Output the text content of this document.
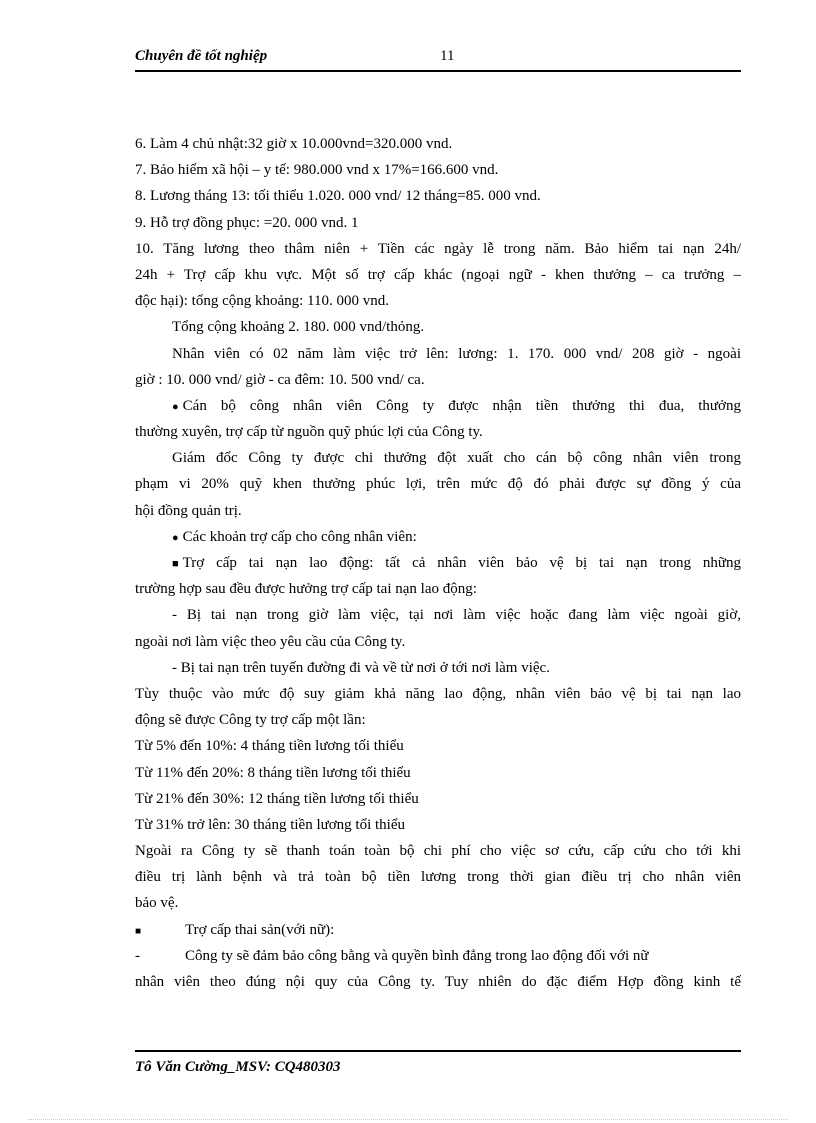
Chuyên đề tốt nghiệp	11
6. Làm 4 chủ nhật:32 giờ x 10.000vnd=320.000 vnd.
7. Bảo hiểm xã hội – y tế: 980.000 vnd x 17%=166.600 vnd.
8. Lương tháng 13: tối thiểu 1.020. 000 vnd/ 12 tháng=85. 000 vnd.
9. Hỗ trợ đồng phục: =20. 000 vnd. 1
10. Tăng lương theo thâm niên + Tiền các ngày lễ trong năm. Bảo hiểm tai nạn 24h/
24h + Trợ cấp khu vực. Một số trợ cấp khác (ngoại ngữ - khen thưởng – ca trưởng –
độc hại): tổng cộng khoảng: 110. 000 vnd.
Tổng cộng khoảng 2. 180. 000 vnd/thỏng.
Nhân viên có 02 năm làm việc trở lên: lương: 1. 170. 000 vnd/ 208 giờ - ngoài
giờ : 10. 000 vnd/ giờ - ca đêm: 10. 500 vnd/ ca.
● Cán bộ công nhân viên Công ty được nhận tiền thưởng thi đua, thưởng
thường xuyên, trợ cấp từ nguồn quỹ phúc lợi của Công ty.
Giám đốc Công ty được chi thưởng đột xuất cho cán bộ công nhân viên trong
phạm vi 20% quỹ khen thưởng phúc lợi, trên mức độ đó phải được sự đồng ý của
hội đồng quản trị.
● Các khoản trợ cấp cho công nhân viên:
■ Trợ cấp tai nạn lao động: tất cả nhân viên bảo vệ bị tai nạn trong những
trường hợp sau đều được hưởng trợ cấp tai nạn lao động:
- Bị tai nạn trong giờ làm việc, tại nơi làm việc hoặc đang làm việc ngoài giờ,
ngoài nơi làm việc theo yêu cầu của Công ty.
- Bị tai nạn trên tuyến đường đi và về từ nơi ở tới nơi làm việc.
Tùy thuộc vào mức độ suy giảm khả năng lao động, nhân viên bảo vệ bị tai nạn lao
động sẽ được Công ty trợ cấp một lần:
Từ 5% đến 10%: 4 tháng tiền lương tối thiểu
Từ 11% đến 20%: 8 tháng tiền lương tối thiểu
Từ 21% đến 30%: 12 tháng tiền lương tối thiểu
Từ 31% trở lên: 30 tháng tiền lương tối thiểu
Ngoài ra Công ty sẽ thanh toán toàn bộ chi phí cho việc sơ cứu, cấp cứu cho tới khi
điều trị lành bệnh và trả toàn bộ tiền lương trong thời gian điều trị cho nhân viên
bảo vệ.
■	Trợ cấp thai sản(với nữ):
-	Công ty sẽ đảm bảo công bằng và quyền bình đẳng trong lao động đối với nữ
nhân viên theo đúng nội quy của Công ty. Tuy nhiên do đặc điểm Hợp đồng kinh tế
Tô Văn Cường_MSV: CQ480303
